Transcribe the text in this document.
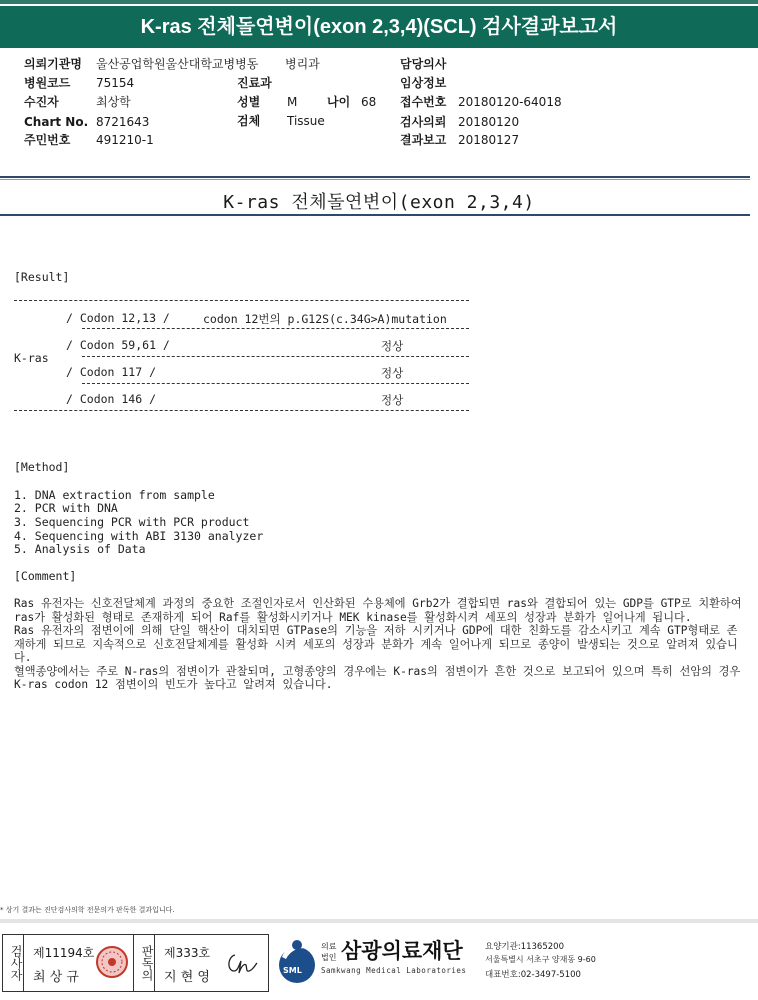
K-ras 전체돌연변이(exon 2,3,4)(SCL) 검사결과보고서
의뢰기관명 울산공업학원울산대학교병병동 병리과	담당의사
병원코드 75154	진료과	임상정보
수진자	최상학	성별 M 나이 68 접수번호 20180120-64018
Chart No. 8721643	검체 Tissue	검사의뢰 20180120
주민번호 491210-1	결과보고 20180127
K-ras 전체돌연변이(exon 2,3,4)
[Result]
K-ras
/ Codon 12,13 /	codon 12번의 p.G12S(c.34G>A)mutation
/ Codon 59,61 /	정상
/ Codon 117 /	정상
/ Codon 146 /	정상
[Method]
1. DNA extraction from sample
2. PCR with DNA
3. Sequencing PCR with PCR product
4. Sequencing with ABI 3130 analyzer
5. Analysis of Data
[Comment]

Ras 유전자는 신호전달체계 과정의 중요한 조절인자로서 인산화된 수용체에 Grb2가 결합되면 ras와 결합되어 있는 GDP를 GTP로 치환하여 ras가 활성화된 형태로 존재하게 되어 Raf를 활성화시키거나 MEK kinase를 활성화시켜 세포의 성장과 분화가 일어나게 됩니다.

Ras 유전자의 점변이에 의해 단일 핵산이 대치되면 GTPase의 기능을 저하 시키거나 GDP에 대한 친화도를 감소시키고 계속 GTP형태로 존재하게 되므로 지속적으로 신호전달체계를 활성화 시켜 세포의 성장과 분화가 계속 일어나게 되므로 종양이 발생되는 것으로 알려져 있습니다.

혈액종양에서는 주로 N-ras의 점변이가 관찰되며, 고형종양의 경우에는 K-ras의 점변이가 흔한 것으로 보고되어 있으며 특히 선암의 경우 K-ras codon 12 점변이의 빈도가 높다고 알려져 있습니다.

* 상기 결과는 진단검사의학 전문의가 판독한 결과입니다.
검사자 제11194호
최 상 규	판독의 제333호
지 현 영	SML
의료법인 삼광의료재단
Samkwang Medical Laboratories
요양기관:11365200
서울특별시 서초구 양재동 9-60
대표번호:02-3497-5100
